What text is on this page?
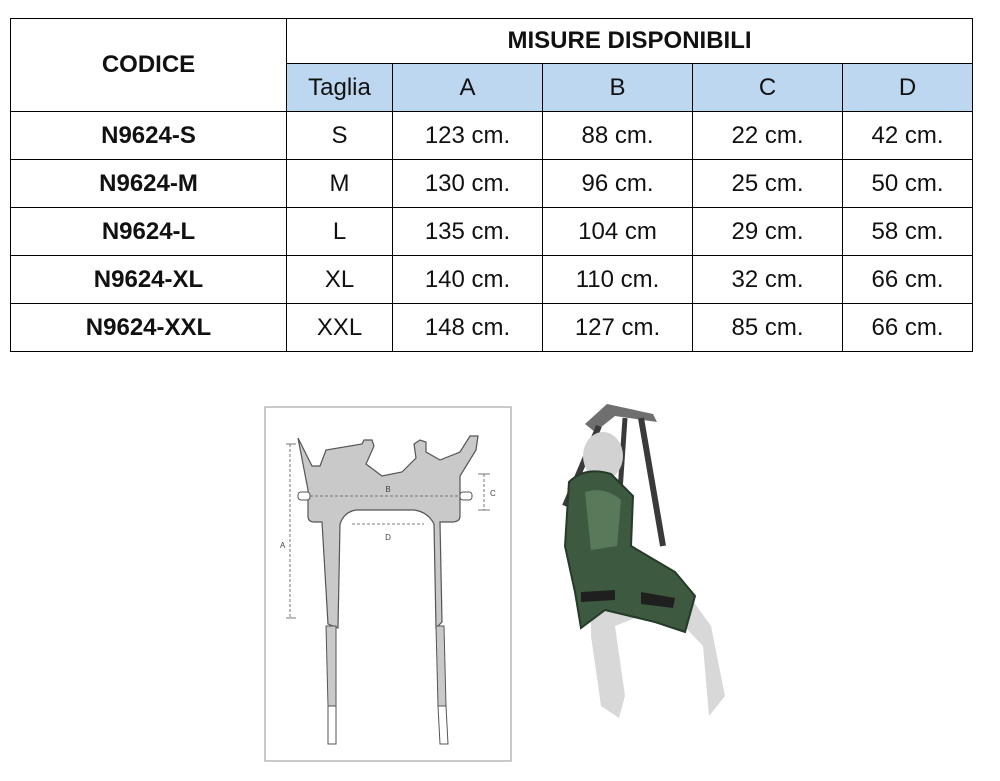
CODICE	MISURE DISPONIBILI				
	Taglia	A	B	C	D
N9624-S	S	123 cm.	88 cm.	22 cm.	42 cm.
N9624-M	M	130 cm.	96 cm.	25 cm.	50 cm.
N9624-L	L	135 cm.	104 cm	29 cm.	58 cm.
N9624-XL	XL	140 cm.	110 cm.	32 cm.	66 cm.
N9624-XXL	XXL	148 cm.	127 cm.	85 cm.	66 cm.
B	C
D
A
